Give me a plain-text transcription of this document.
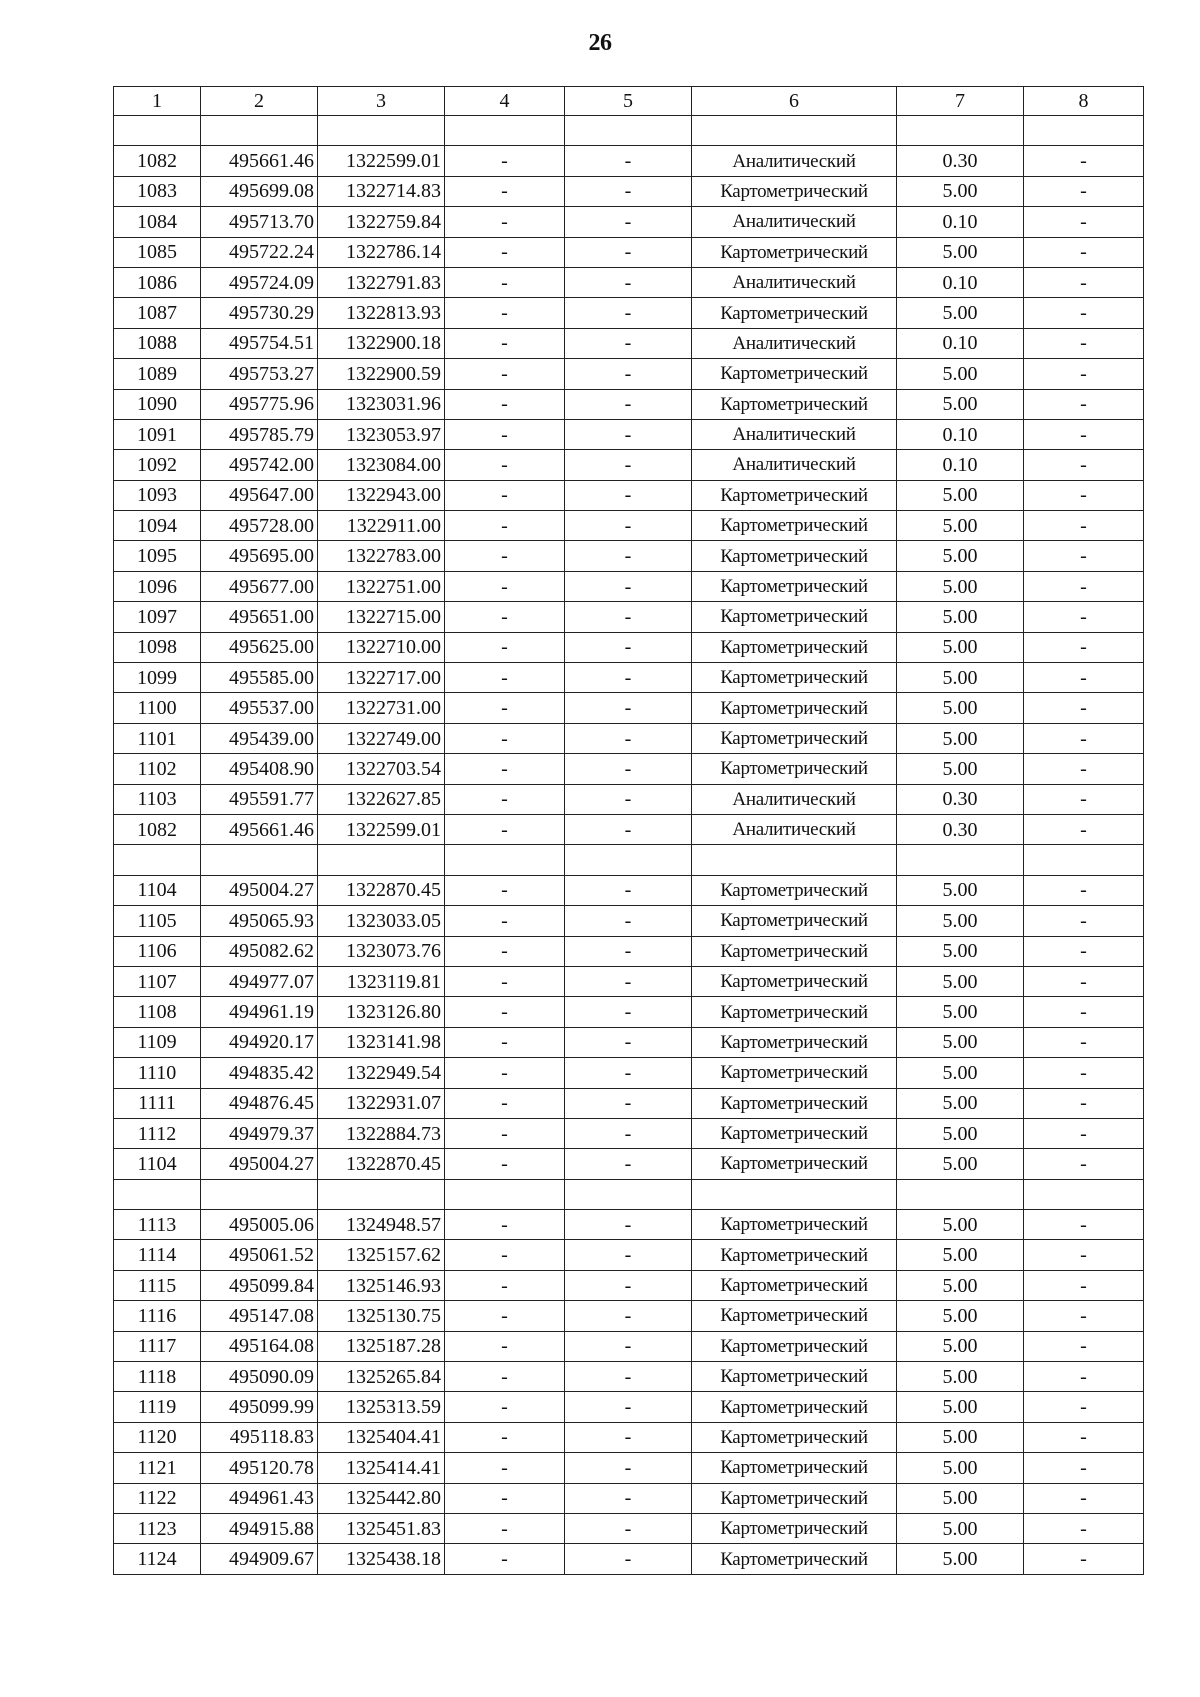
26
1	2	3	4	5	6	7	8

1082	495661.46	1322599.01	-	-	Аналитический	0.30	-
1083	495699.08	1322714.83	-	-	Картометрический	5.00	-
1084	495713.70	1322759.84	-	-	Аналитический	0.10	-
1085	495722.24	1322786.14	-	-	Картометрический	5.00	-
1086	495724.09	1322791.83	-	-	Аналитический	0.10	-
1087	495730.29	1322813.93	-	-	Картометрический	5.00	-
1088	495754.51	1322900.18	-	-	Аналитический	0.10	-
1089	495753.27	1322900.59	-	-	Картометрический	5.00	-
1090	495775.96	1323031.96	-	-	Картометрический	5.00	-
1091	495785.79	1323053.97	-	-	Аналитический	0.10	-
1092	495742.00	1323084.00	-	-	Аналитический	0.10	-
1093	495647.00	1322943.00	-	-	Картометрический	5.00	-
1094	495728.00	1322911.00	-	-	Картометрический	5.00	-
1095	495695.00	1322783.00	-	-	Картометрический	5.00	-
1096	495677.00	1322751.00	-	-	Картометрический	5.00	-
1097	495651.00	1322715.00	-	-	Картометрический	5.00	-
1098	495625.00	1322710.00	-	-	Картометрический	5.00	-
1099	495585.00	1322717.00	-	-	Картометрический	5.00	-
1100	495537.00	1322731.00	-	-	Картометрический	5.00	-
1101	495439.00	1322749.00	-	-	Картометрический	5.00	-
1102	495408.90	1322703.54	-	-	Картометрический	5.00	-
1103	495591.77	1322627.85	-	-	Аналитический	0.30	-
1082	495661.46	1322599.01	-	-	Аналитический	0.30	-

1104	495004.27	1322870.45	-	-	Картометрический	5.00	-
1105	495065.93	1323033.05	-	-	Картометрический	5.00	-
1106	495082.62	1323073.76	-	-	Картометрический	5.00	-
1107	494977.07	1323119.81	-	-	Картометрический	5.00	-
1108	494961.19	1323126.80	-	-	Картометрический	5.00	-
1109	494920.17	1323141.98	-	-	Картометрический	5.00	-
1110	494835.42	1322949.54	-	-	Картометрический	5.00	-
1111	494876.45	1322931.07	-	-	Картометрический	5.00	-
1112	494979.37	1322884.73	-	-	Картометрический	5.00	-
1104	495004.27	1322870.45	-	-	Картометрический	5.00	-

1113	495005.06	1324948.57	-	-	Картометрический	5.00	-
1114	495061.52	1325157.62	-	-	Картометрический	5.00	-
1115	495099.84	1325146.93	-	-	Картометрический	5.00	-
1116	495147.08	1325130.75	-	-	Картометрический	5.00	-
1117	495164.08	1325187.28	-	-	Картометрический	5.00	-
1118	495090.09	1325265.84	-	-	Картометрический	5.00	-
1119	495099.99	1325313.59	-	-	Картометрический	5.00	-
1120	495118.83	1325404.41	-	-	Картометрический	5.00	-
1121	495120.78	1325414.41	-	-	Картометрический	5.00	-
1122	494961.43	1325442.80	-	-	Картометрический	5.00	-
1123	494915.88	1325451.83	-	-	Картометрический	5.00	-
1124	494909.67	1325438.18	-	-	Картометрический	5.00	-
